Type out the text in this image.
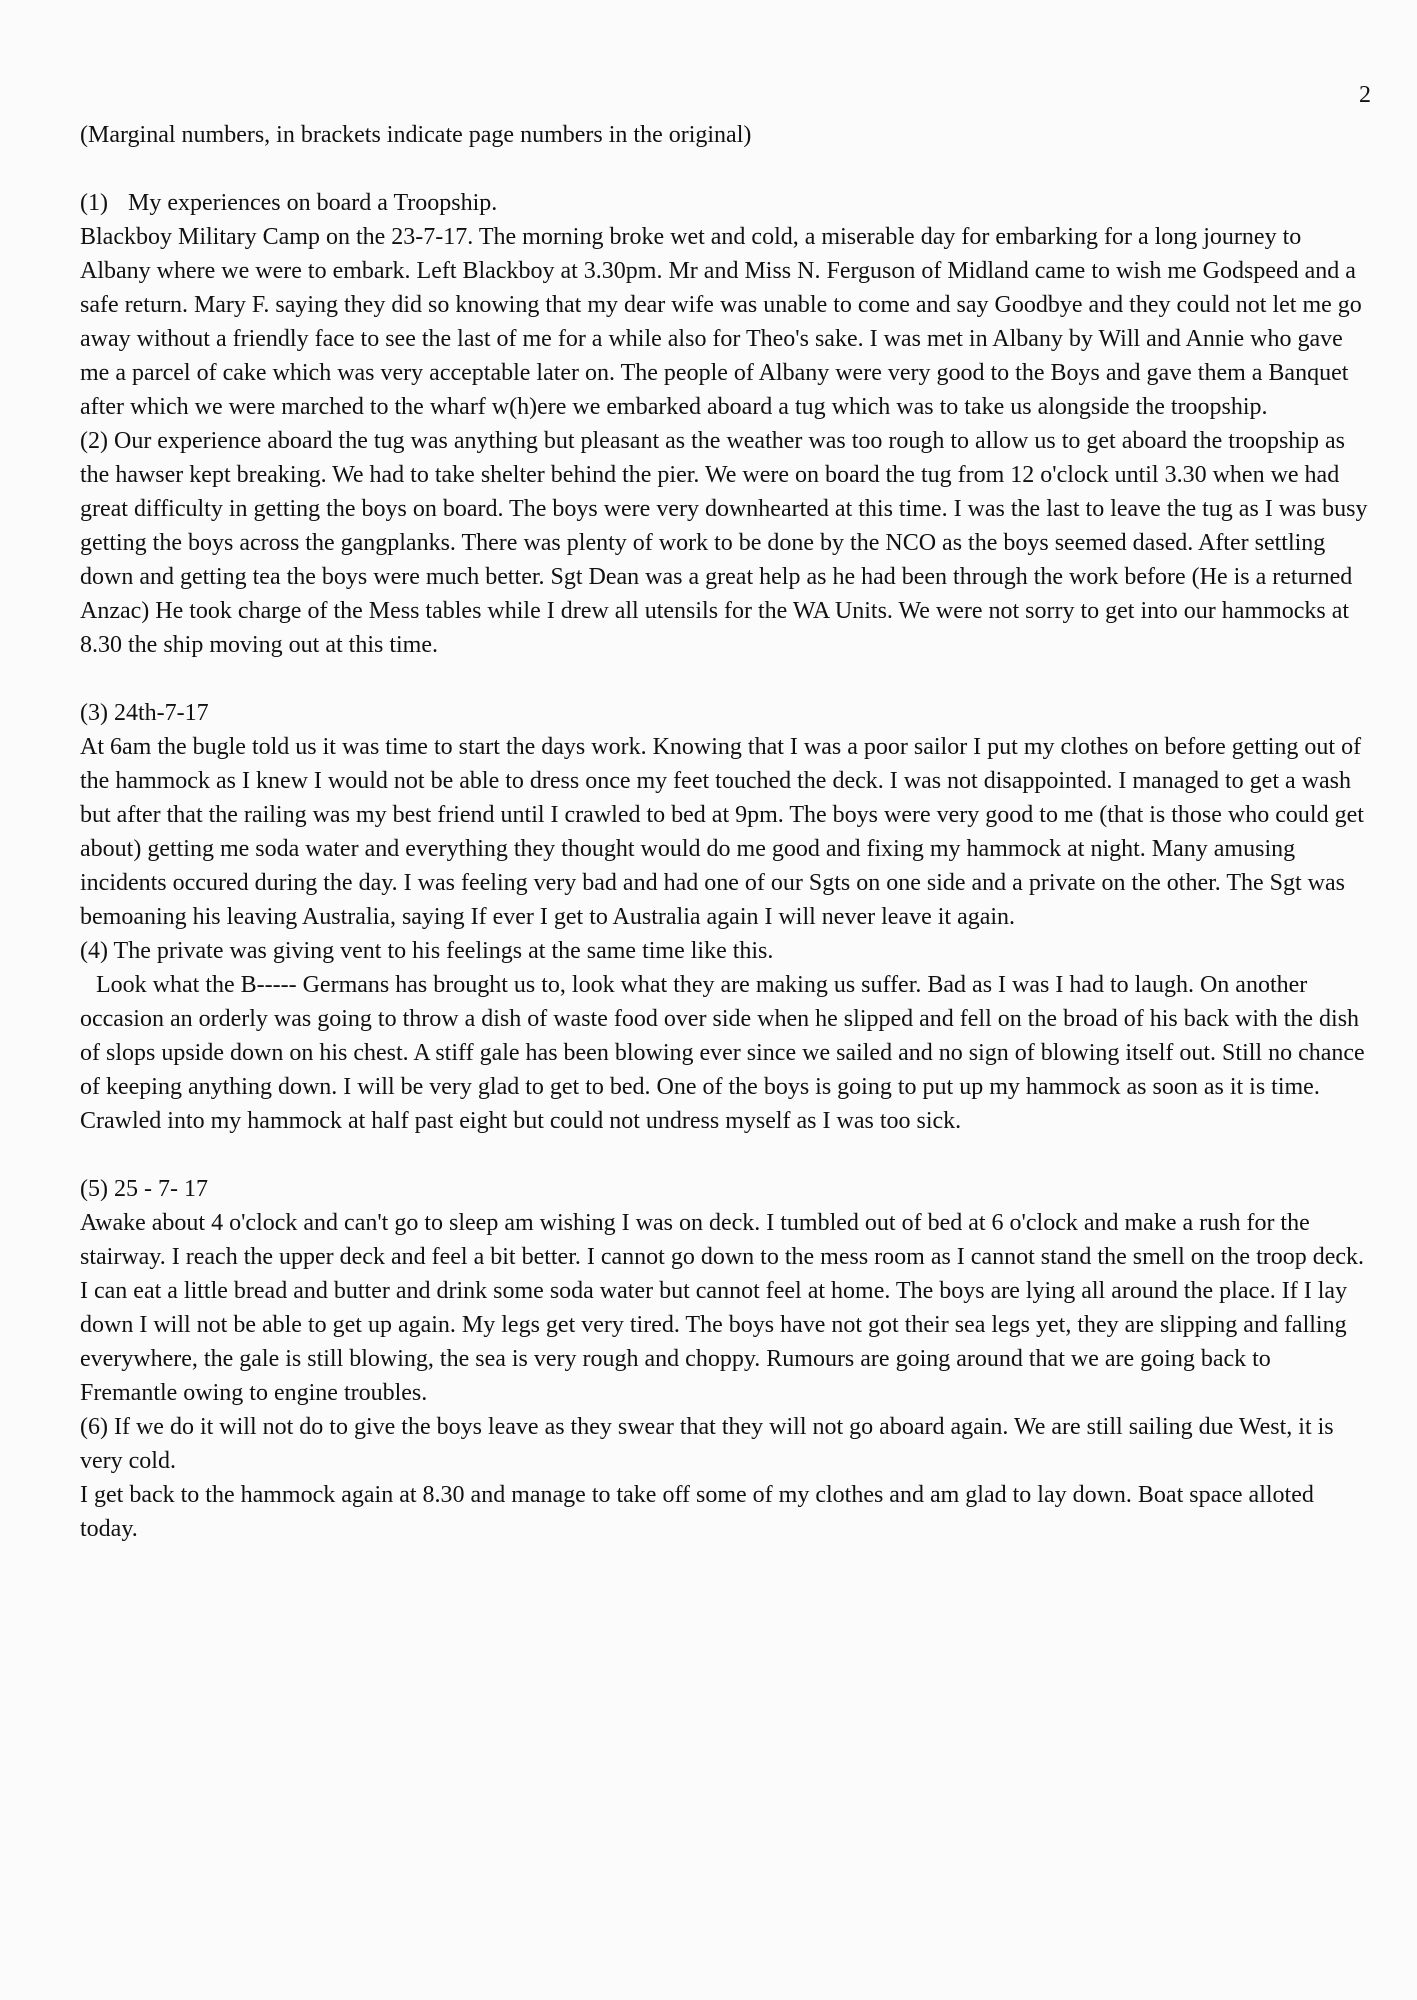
2

(Marginal numbers, in brackets indicate page numbers in the original)

(1) My experiences on board a Troopship.

Blackboy Military Camp on the 23-7-17. The morning broke wet and cold, a miserable day for embarking for a long journey to Albany where we were to embark. Left Blackboy at 3.30pm. Mr and Miss N. Ferguson of Midland came to wish me Godspeed and a safe return. Mary F. saying they did so knowing that my dear wife was unable to come and say Goodbye and they could not let me go away without a friendly face to see the last of me for a while also for Theo's sake. I was met in Albany by Will and Annie who gave me a parcel of cake which was very acceptable later on. The people of Albany were very good to the Boys and gave them a Banquet after which we were marched to the wharf w(h)ere we embarked aboard a tug which was to take us alongside the troopship.

(2) Our experience aboard the tug was anything but pleasant as the weather was too rough to allow us to get aboard the troopship as the hawser kept breaking. We had to take shelter behind the pier. We were on board the tug from 12 o'clock until 3.30 when we had great difficulty in getting the boys on board. The boys were very downhearted at this time. I was the last to leave the tug as I was busy getting the boys across the gangplanks. There was plenty of work to be done by the NCO as the boys seemed dased. After settling down and getting tea the boys were much better. Sgt Dean was a great help as he had been through the work before (He is a returned Anzac) He took charge of the Mess tables while I drew all utensils for the WA Units. We were not sorry to get into our hammocks at 8.30 the ship moving out at this time.

(3) 24th-7-17

At 6am the bugle told us it was time to start the days work. Knowing that I was a poor sailor I put my clothes on before getting out of the hammock as I knew I would not be able to dress once my feet touched the deck. I was not disappointed. I managed to get a wash but after that the railing was my best friend until I crawled to bed at 9pm. The boys were very good to me (that is those who could get about) getting me soda water and everything they thought would do me good and fixing my hammock at night. Many amusing incidents occured during the day. I was feeling very bad and had one of our Sgts on one side and a private on the other. The Sgt was bemoaning his leaving Australia, saying If ever I get to Australia again I will never leave it again.

(4) The private was giving vent to his feelings at the same time like this.

Look what the B----- Germans has brought us to, look what they are making us suffer. Bad as I was I had to laugh. On another occasion an orderly was going to throw a dish of waste food over side when he slipped and fell on the broad of his back with the dish of slops upside down on his chest. A stiff gale has been blowing ever since we sailed and no sign of blowing itself out. Still no chance of keeping anything down. I will be very glad to get to bed. One of the boys is going to put up my hammock as soon as it is time. Crawled into my hammock at half past eight but could not undress myself as I was too sick.

(5) 25 - 7- 17

Awake about 4 o'clock and can't go to sleep am wishing I was on deck. I tumbled out of bed at 6 o'clock and make a rush for the stairway. I reach the upper deck and feel a bit better. I cannot go down to the mess room as I cannot stand the smell on the troop deck. I can eat a little bread and butter and drink some soda water but cannot feel at home. The boys are lying all around the place. If I lay down I will not be able to get up again. My legs get very tired. The boys have not got their sea legs yet, they are slipping and falling everywhere, the gale is still blowing, the sea is very rough and choppy. Rumours are going around that we are going back to Fremantle owing to engine troubles.

(6) If we do it will not do to give the boys leave as they swear that they will not go aboard again. We are still sailing due West, it is very cold.

I get back to the hammock again at 8.30 and manage to take off some of my clothes and am glad to lay down. Boat space alloted today.
